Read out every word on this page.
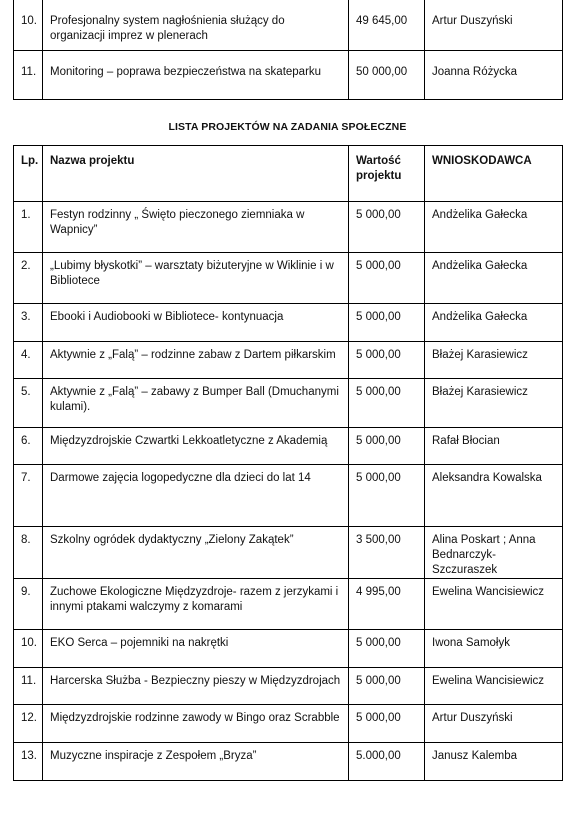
10.	Profesjonalny system nagłośnienia służący do organizacji imprez w plenerach	49 645,00	Artur Duszyński
11.	Monitoring – poprawa bezpieczeństwa na skateparku	50 000,00	Joanna Różycka
LISTA PROJEKTÓW NA ZADANIA SPOŁECZNE
Lp.	Nazwa projektu	Wartość projektu	WNIOSKODAWCA
1.	Festyn rodzinny „ Święto pieczonego ziemniaka w Wapnicy”	5 000,00	Andżelika Gałecka
2.	„Lubimy błyskotki” – warsztaty biżuteryjne w Wiklinie i w Bibliotece	5 000,00	Andżelika Gałecka
3.	Ebooki i Audiobooki w Bibliotece- kontynuacja	5 000,00	Andżelika Gałecka
4.	Aktywnie z „Falą” – rodzinne zabaw z Dartem piłkarskim	5 000,00	Błażej Karasiewicz
5.	Aktywnie z „Falą” – zabawy z Bumper Ball (Dmuchanymi kulami).	5 000,00	Błażej Karasiewicz
6.	Międzyzdrojskie Czwartki Lekkoatletyczne z Akademią	5 000,00	Rafał Błocian
7.	Darmowe zajęcia logopedyczne dla dzieci do lat 14	5 000,00	Aleksandra Kowalska
8.	Szkolny ogródek dydaktyczny „Zielony Zakątek”	3 500,00	Alina Poskart ; Anna Bednarczyk-Szczuraszek
9.	Zuchowe Ekologiczne Międzyzdroje- razem z jerzykami i innymi ptakami walczymy z komarami	4 995,00	Ewelina Wancisiewicz
10.	EKO Serca – pojemniki na nakrętki	5 000,00	Iwona Samołyk
11.	Harcerska Służba - Bezpieczny pieszy w Międzyzdrojach	5 000,00	Ewelina Wancisiewicz
12.	Międzyzdrojskie rodzinne zawody w Bingo oraz Scrabble	5 000,00	Artur Duszyński
13.	Muzyczne inspiracje z Zespołem „Bryza”	5.000,00	Janusz Kalemba
